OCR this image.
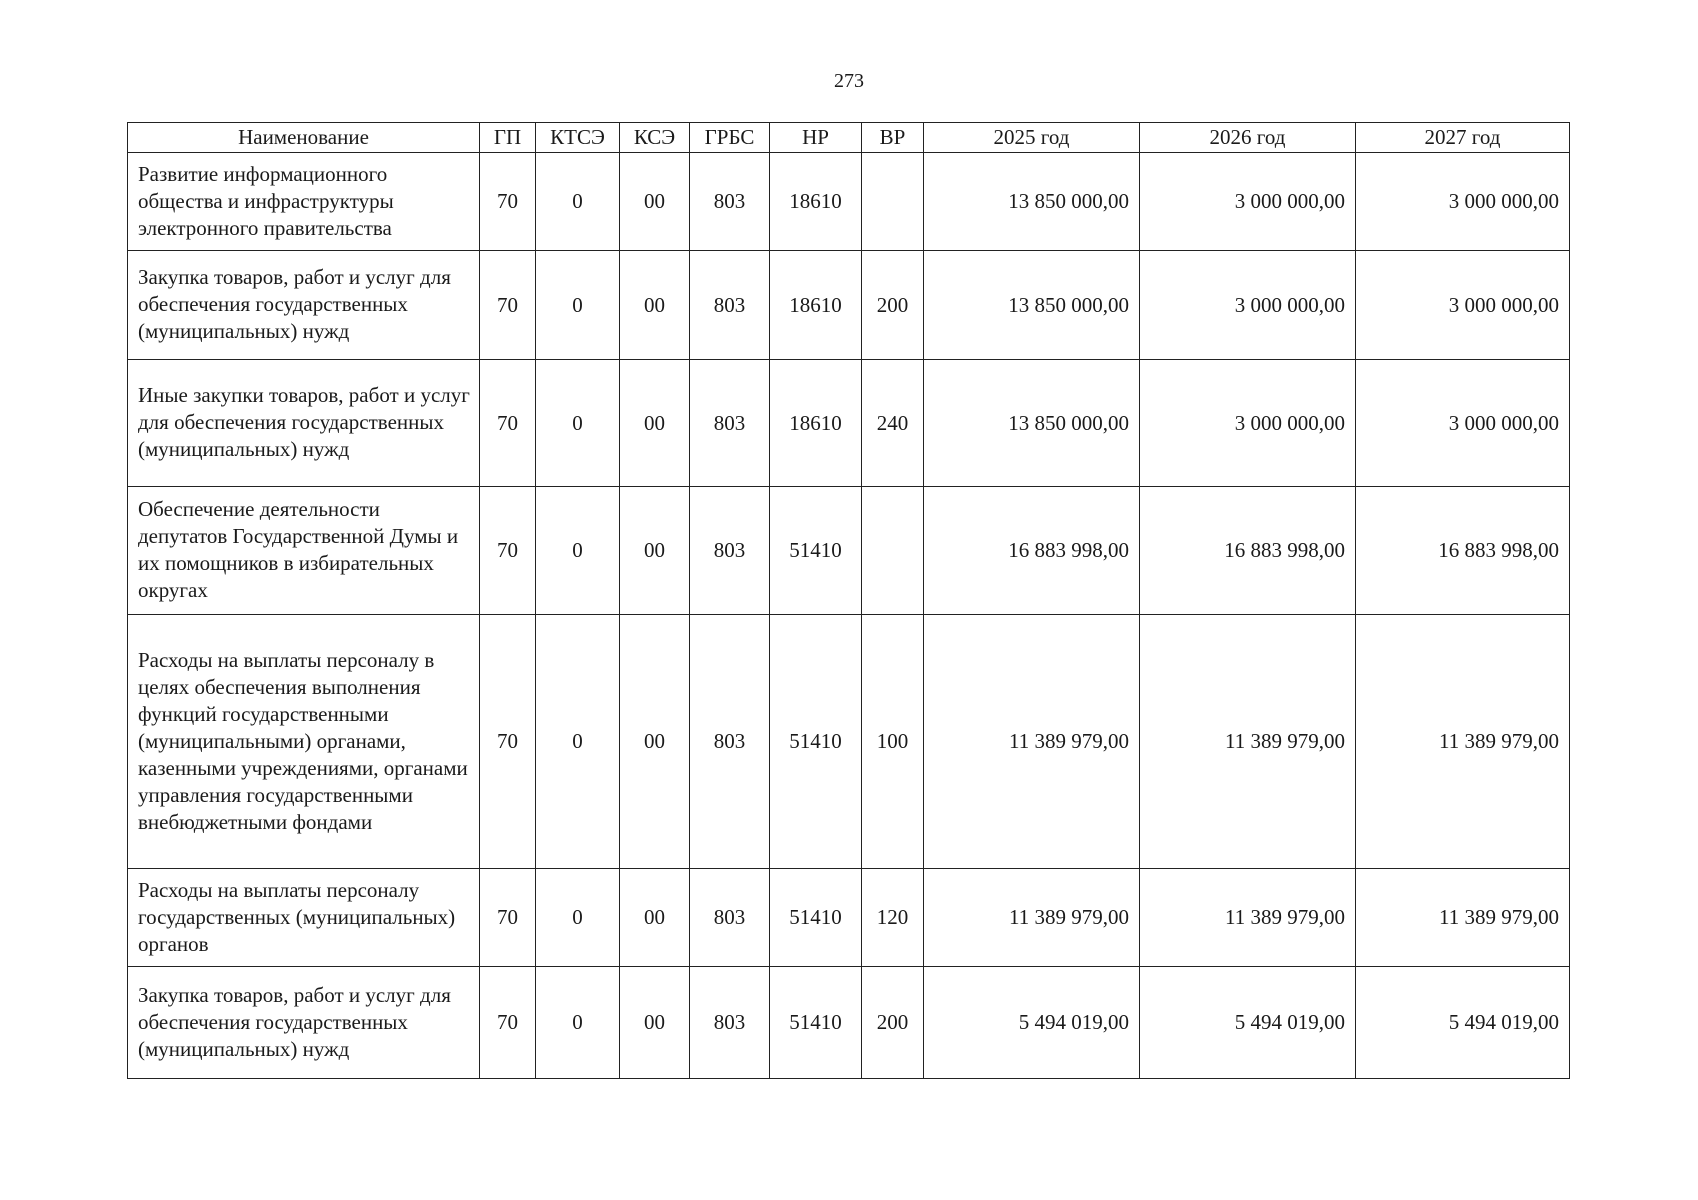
273
Наименование	ГП	КТСЭ	КСЭ	ГРБС	НР	ВР	2025 год	2026 год	2027 год
Развитие информационного общества и инфраструктуры электронного правительства	70	0	00	803	18610		13 850 000,00	3 000 000,00	3 000 000,00
Закупка товаров, работ и услуг для обеспечения государственных (муниципальных) нужд	70	0	00	803	18610	200	13 850 000,00	3 000 000,00	3 000 000,00
Иные закупки товаров, работ и услуг для обеспечения государственных (муниципальных) нужд	70	0	00	803	18610	240	13 850 000,00	3 000 000,00	3 000 000,00
Обеспечение деятельности депутатов Государственной Думы и их помощников в избирательных округах	70	0	00	803	51410		16 883 998,00	16 883 998,00	16 883 998,00
Расходы на выплаты персоналу в целях обеспечения выполнения функций государственными (муниципальными) органами, казенными учреждениями, органами управления государственными внебюджетными фондами	70	0	00	803	51410	100	11 389 979,00	11 389 979,00	11 389 979,00
Расходы на выплаты персоналу государственных (муниципальных) органов	70	0	00	803	51410	120	11 389 979,00	11 389 979,00	11 389 979,00
Закупка товаров, работ и услуг для обеспечения государственных (муниципальных) нужд	70	0	00	803	51410	200	5 494 019,00	5 494 019,00	5 494 019,00
